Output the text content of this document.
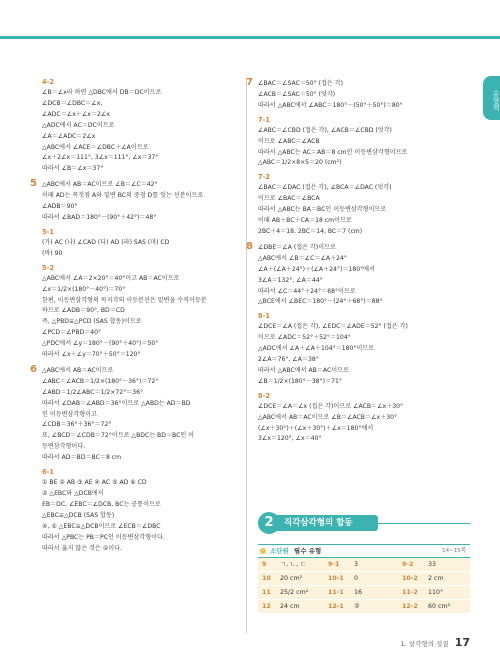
유형책
4-2
∠B＝∠x라 하면 △DBC에서 DB＝DC이므로
∠DCB＝∠DBC＝∠x,
∠ADC＝∠x＋∠x＝2∠x
△ADC에서 AC＝DC이므로
∠A＝∠ADC＝2∠x
△ABC에서 ∠ACE＝∠DBC＋∠A이므로
∠x＋2∠x＝111°, 3∠x＝111°, ∠x＝37°
따라서 ∠B＝∠x＝37°
5 △ABC에서 AB＝AC이므로 ∠B＝∠C＝42°
이때 AD는 꼭짓점 A와 밑변 BC의 중점 D를 잇는 선분이므로
∠ADB＝90°
따라서 ∠BAD＝180°－(90°＋42°)＝48°
5-1
(가) AC (나) ∠CAD (다) AD (라) SAS (마) CD
(바) 90
5-2
△ABC에서 ∠A＝2×20°＝40°이고 AB＝AC이므로
∠x＝1/2×(180°－40°)＝70°
한편, 이등변삼각형의 꼭지각의 이등분선은 밑변을 수직이등분
하므로 ∠ADB＝90°, BD＝CD
즉, △PBD≡△PCD (SAS 합동)이므로
∠PCD＝∠PBD＝40°
△PDC에서 ∠y＝180°－(90°＋40°)＝50°
따라서 ∠x＋∠y＝70°＋50°＝120°
6 △ABC에서 AB＝AC이므로
∠ABC＝∠ACB＝1/2×(180°－36°)＝72°
∠ABD＝1/2∠ABC＝1/2×72°＝36°
따라서 ∠DAB＝∠ABD＝36°이므로 △ABD는 AD＝BD
인 이등변삼각형이고
∠CDB＝36°＋36°＝72°
또, ∠BCD＝∠CDB＝72°이므로 △BDC는 BD＝BC인 이
등변삼각형이다.
따라서 AD＝BD＝BC＝8 cm
6-1
① BE ② AB ③ AE ④ AC ⑤ AD ⑥ CD
② △EBC와 △DCB에서
EB＝DC, ∠EBC＝∠DCB, BC는 공통이므로
△EBC≡△DCB (SAS 합동)
④, ⑤ △EBC≡△DCB이므로 ∠ECB＝∠DBC
따라서 △PBC는 PB＝PC인 이등변삼각형이다.
따라서 옳지 않은 것은 ②이다.
7 ∠BAC＝∠SAC＝50° (접은 각)
∠ACB＝∠SAC＝50° (엇각)
따라서 △ABC에서 ∠ABC＝180°－(50°＋50°)＝80°
7-1
∠ABC＝∠CBD (접은 각), ∠ACB＝∠CBD (엇각)
이므로 ∠ABC＝∠ACB
따라서 △ABC는 AC＝AB＝8 cm인 이등변삼각형이므로
△ABC＝1/2×8×5＝20 (cm²)
7-2
∠BAC＝∠DAC (접은 각), ∠BCA＝∠DAC (엇각)
이므로 ∠BAC＝∠BCA
따라서 △ABC는 BA＝BC인 이등변삼각형이므로
이때 AB＋BC＋CA＝18 cm이므로
2BC＋4＝18, 2BC＝14, BC＝7 (cm)
8 ∠DBE＝∠A (접은 각)이므로
△ABC에서 ∠B＝∠C＝∠A＋24°
∠A＋(∠A＋24°)＋(∠A＋24°)＝180°에서
3∠A＝132°, ∠A＝44°
따라서 ∠C＝44°＋24°＝68°이므로
△BCE에서 ∠BEC＝180°－(24°＋68°)＝88°
8-1
∠DCE＝∠A (접은 각), ∠EDC＝∠ADE＝52° (접은 각)
이므로 ∠ADC＝52°＋52°＝104°
△ADC에서 ∠A＋∠A＋104°＝180°이므로
2∠A＝76°, ∠A＝38°
따라서 △ABC에서 AB＝AC이므로
∠B＝1/2×(180°－38°)＝71°
8-2
∠DCE＝∠A＝∠x (접은 각)이므로 ∠ACB＝∠x＋30°
△ABC에서 AB＝AC이므로 ∠B＝∠ACB＝∠x＋30°
(∠x＋30°)＋(∠x＋30°)＋∠x＝180°에서
3∠x＝120°, ∠x＝40°
직각삼각형의 합동
2
소단원 필수 유형	14~15쪽
9 ㄱ, ㄴ, ㄷ	9-1 3	9-2 33
10 20 cm²	10-1 0	10-2 2 cm
11 25/2 cm²	11-1 16	11-2 110°
12 24 cm	12-1 ②	12-2 60 cm²
1. 삼각형의 성질 17
